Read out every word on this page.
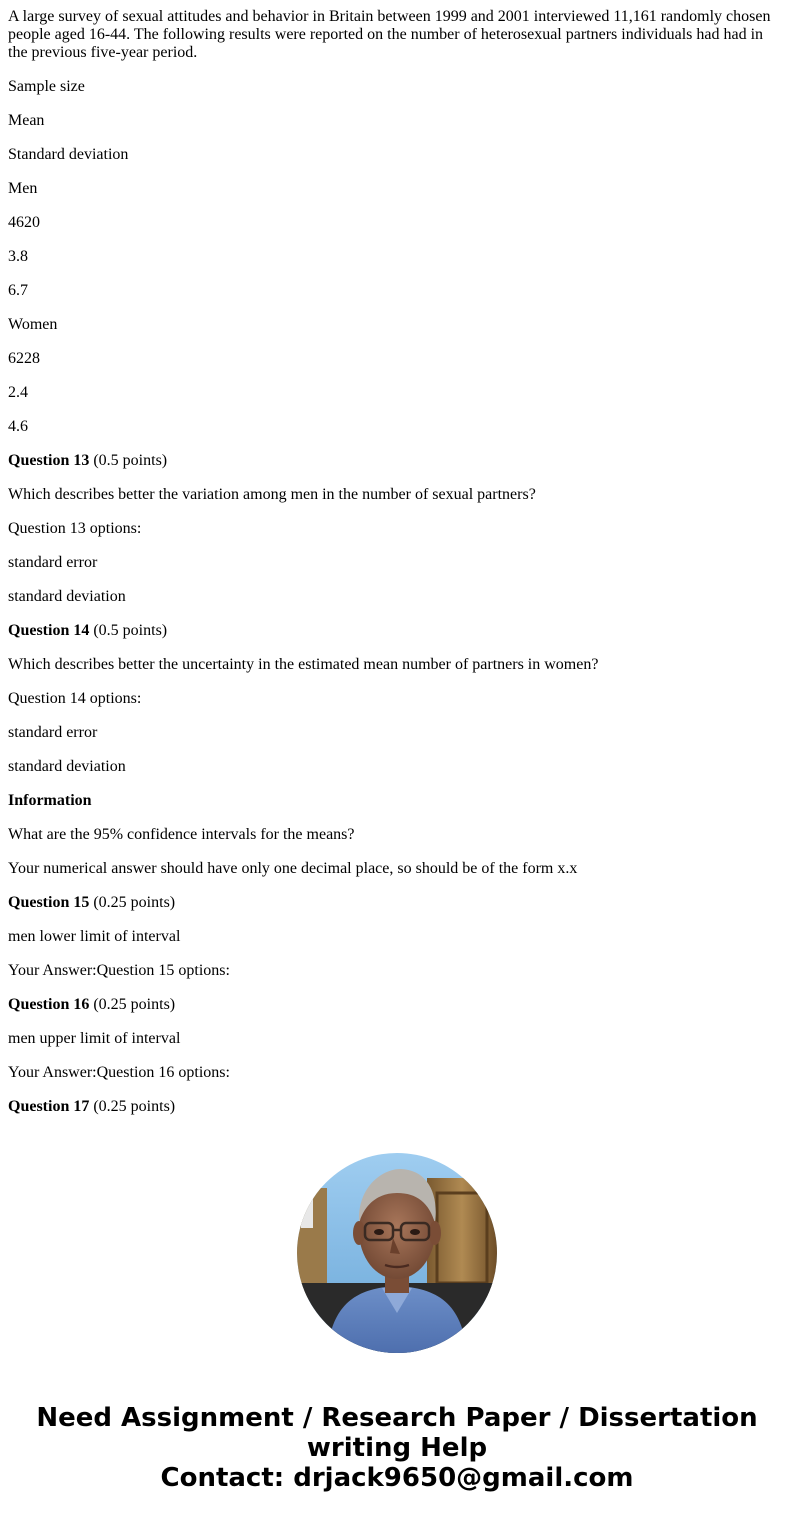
A large survey of sexual attitudes and behavior in Britain between 1999 and 2001 interviewed 11,161 randomly chosen people aged 16-44. The following results were reported on the number of heterosexual partners individuals had had in the previous five-year period.

Sample size

Mean

Standard deviation

Men

4620

3.8

6.7

Women

6228

2.4

4.6

Question 13 (0.5 points)

Which describes better the variation among men in the number of sexual partners?

Question 13 options:

standard error

standard deviation

Question 14 (0.5 points)

Which describes better the uncertainty in the estimated mean number of partners in women?

Question 14 options:

standard error

standard deviation

Information

What are the 95% confidence intervals for the means?

Your numerical answer should have only one decimal place, so should be of the form x.x

Question 15 (0.25 points)

men lower limit of interval

Your Answer:Question 15 options:

Question 16 (0.25 points)

men upper limit of interval

Your Answer:Question 16 options:

Question 17 (0.25 points)

Need Assignment / Research Paper / Dissertation
writing Help
Contact: drjack9650@gmail.com
